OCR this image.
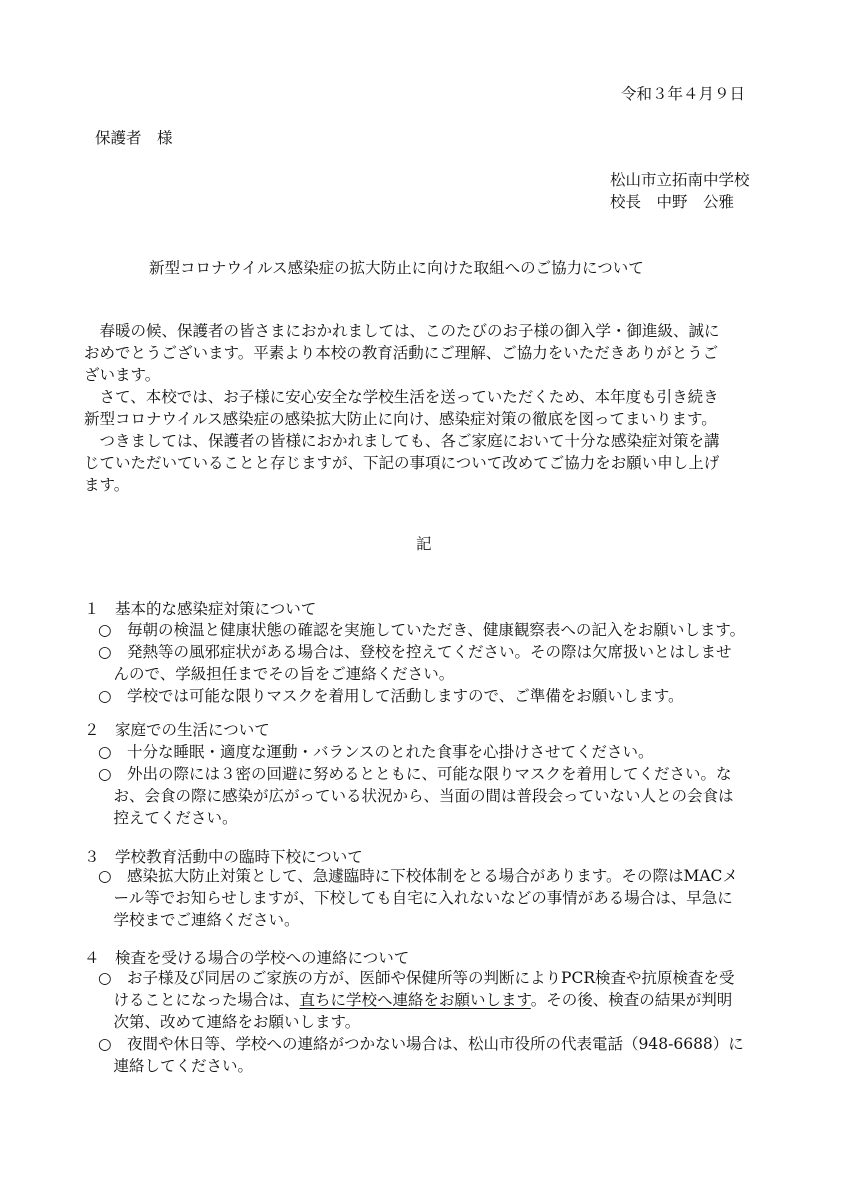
令和３年４月９日
保護者　様
松山市立拓南中学校
校長　中野　公雅
新型コロナウイルス感染症の拡大防止に向けた取組へのご協力について
　春暖の候、保護者の皆さまにおかれましては、このたびのお子様の御入学・御進級、誠に
おめでとうございます。平素より本校の教育活動にご理解、ご協力をいただきありがとうご
ざいます。
　さて、本校では、お子様に安心安全な学校生活を送っていただくため、本年度も引き続き
新型コロナウイルス感染症の感染拡大防止に向け、感染症対策の徹底を図ってまいります。
　つきましては、保護者の皆様におかれましても、各ご家庭において十分な感染症対策を講
じていただいていることと存じますが、下記の事項について改めてご協力をお願い申し上げ
ます。
記
１　基本的な感染症対策について
○　毎朝の検温と健康状態の確認を実施していただき、健康観察表への記入をお願いします。
○　発熱等の風邪症状がある場合は、登校を控えてください。その際は欠席扱いとはしませ
　んので、学級担任までその旨をご連絡ください。
○　学校では可能な限りマスクを着用して活動しますので、ご準備をお願いします。
２　家庭での生活について
○　十分な睡眠・適度な運動・バランスのとれた食事を心掛けさせてください。
○　外出の際には３密の回避に努めるとともに、可能な限りマスクを着用してください。な
　お、会食の際に感染が広がっている状況から、当面の間は普段会っていない人との会食は
　控えてください。
３　学校教育活動中の臨時下校について
○　感染拡大防止対策として、急遽臨時に下校体制をとる場合があります。その際はMACメ
　ール等でお知らせしますが、下校しても自宅に入れないなどの事情がある場合は、早急に
　学校までご連絡ください。
４　検査を受ける場合の学校への連絡について
○　お子様及び同居のご家族の方が、医師や保健所等の判断によりPCR検査や抗原検査を受
　けることになった場合は、直ちに学校へ連絡をお願いします。その後、検査の結果が判明
　次第、改めて連絡をお願いします。
○　夜間や休日等、学校への連絡がつかない場合は、松山市役所の代表電話（948-6688）に
　連絡してください。
